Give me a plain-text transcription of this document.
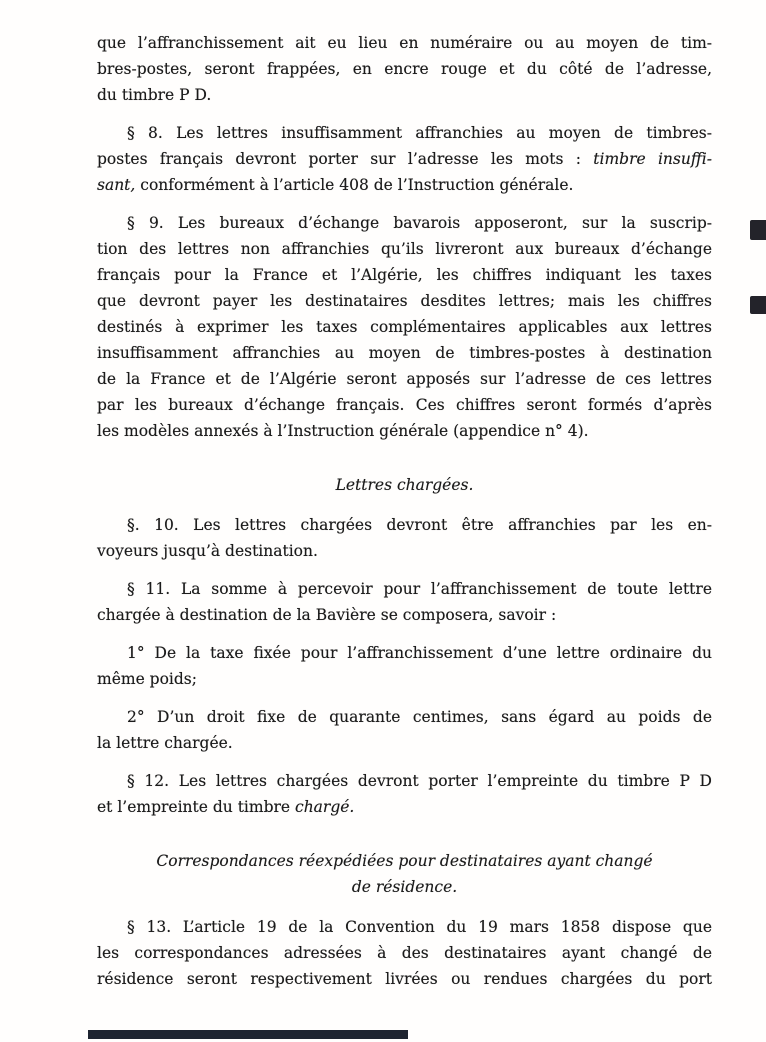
que l’affranchissement ait eu lieu en numéraire ou au moyen de tim-
bres-postes, seront frappées, en encre rouge et du côté de l’adresse,
du timbre P D.
§ 8. Les lettres insuffisamment affranchies au moyen de timbres-
postes français devront porter sur l’adresse les mots : timbre insuffi-
sant, conformément à l’article 408 de l’Instruction générale.
§ 9. Les bureaux d’échange bavarois apposeront, sur la suscrip-
tion des lettres non affranchies qu’ils livreront aux bureaux d’échange
français pour la France et l’Algérie, les chiffres indiquant les taxes
que devront payer les destinataires desdites lettres; mais les chiffres
destinés à exprimer les taxes complémentaires applicables aux lettres
insuffisamment affranchies au moyen de timbres-postes à destination
de la France et de l’Algérie seront apposés sur l’adresse de ces lettres
par les bureaux d’échange français. Ces chiffres seront formés d’après
les modèles annexés à l’Instruction générale (appendice n° 4).
Lettres chargées.
§. 10. Les lettres chargées devront être affranchies par les en-
voyeurs jusqu’à destination.
§ 11. La somme à percevoir pour l’affranchissement de toute lettre
chargée à destination de la Bavière se composera, savoir :
1° De la taxe fixée pour l’affranchissement d’une lettre ordinaire du
même poids;
2° D’un droit fixe de quarante centimes, sans égard au poids de
la lettre chargée.
§ 12. Les lettres chargées devront porter l’empreinte du timbre P D
et l’empreinte du timbre chargé.
Correspondances réexpédiées pour destinataires ayant changé
de résidence.
§ 13. L’article 19 de la Convention du 19 mars 1858 dispose que
les correspondances adressées à des destinataires ayant changé de
résidence seront respectivement livrées ou rendues chargées du port
